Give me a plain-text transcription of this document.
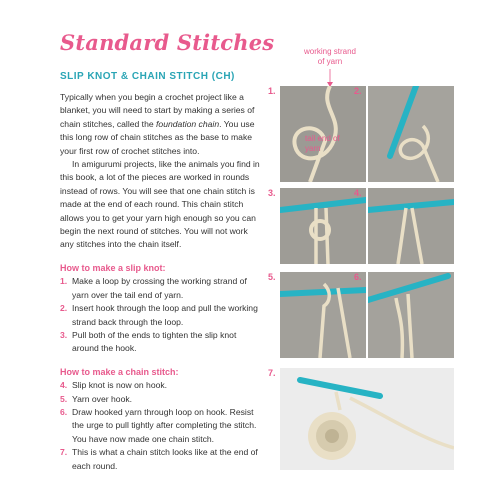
Standard Stitches
SLIP KNOT & CHAIN STITCH (CH)

Typically when you begin a crochet project like a blanket, you will need to start by making a series of chain stitches, called the foundation chain. You use this long row of chain stitches as the base to make your first row of crochet stitches into.

In amigurumi projects, like the animals you find in this book, a lot of the pieces are worked in rounds instead of rows. You will see that one chain stitch is made at the end of each round. This chain stitch allows you to get your yarn high enough so you can begin the next round of stitches. You will not work any stitches into the chain itself.

How to make a slip knot:
1. Make a loop by crossing the working strand of yarn over the tail end of yarn.
2. Insert hook through the loop and pull the working strand back through the loop.
3. Pull both of the ends to tighten the slip knot around the hook.
How to make a chain stitch:
4. Slip knot is now on hook.
5. Yarn over hook.
6. Draw hooked yarn through loop on hook. Resist the urge to pull tightly after completing the stitch. You have now made one chain stitch.
7. This is what a chain stitch looks like at the end of each round.
working strand of yarn
1.
tail end of yarn
2.
3.	4.
5.	6.
7.
